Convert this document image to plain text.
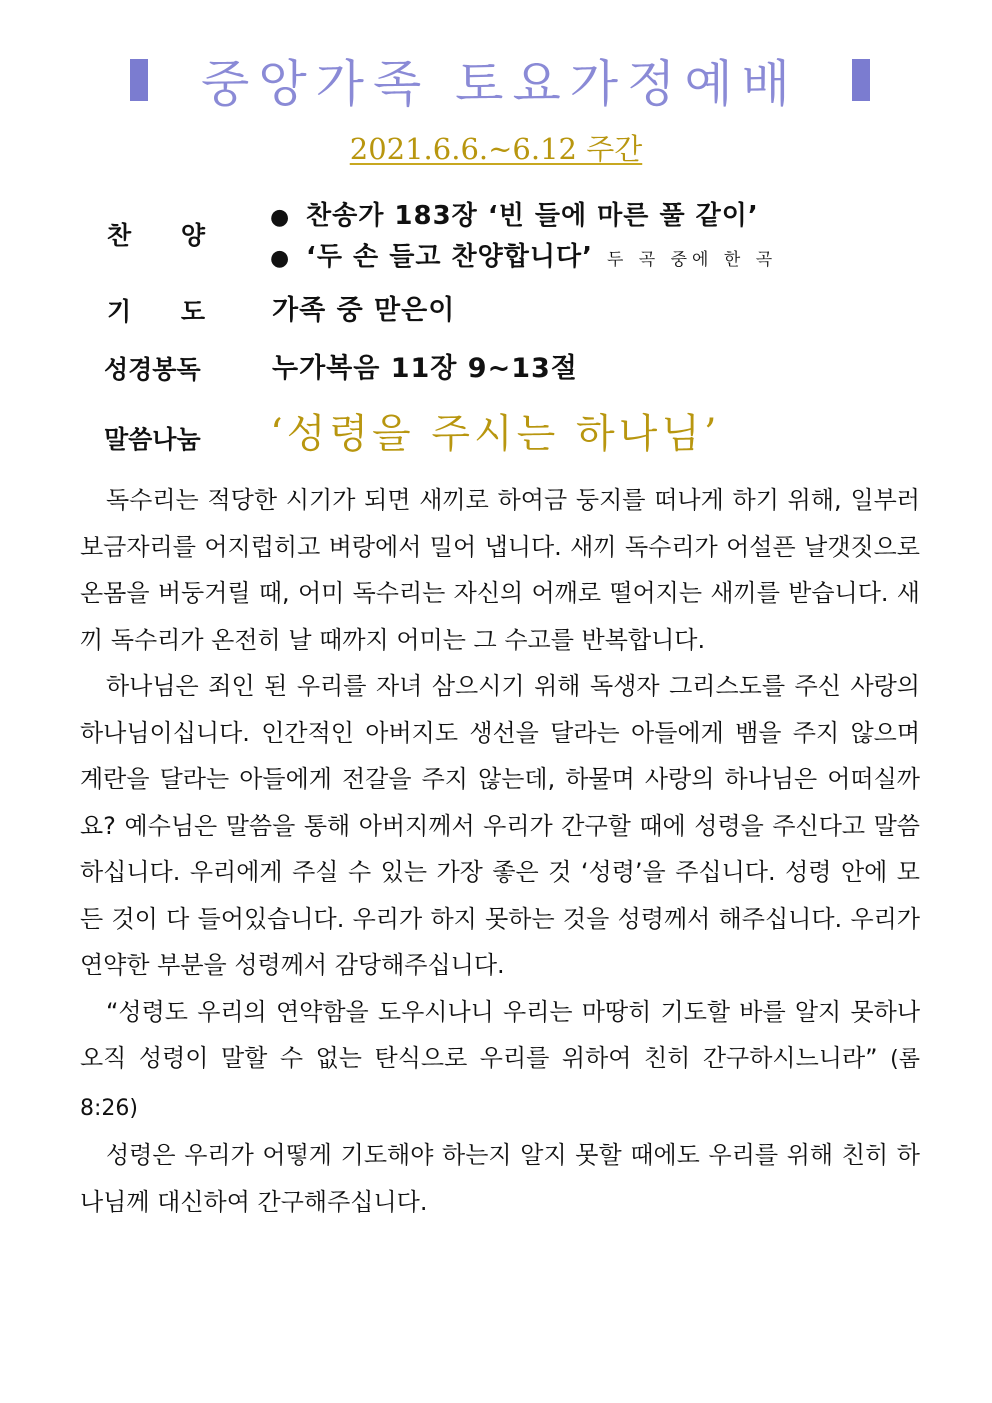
중앙가족 토요가정예배
2021.6.6.~6.12 주간
찬 양
● 찬송가 183장 ‘빈 들에 마른 풀 같이’
● ‘두 손 들고 찬양합니다’ 두 곡 중에 한 곡
기 도 가족 중 맏은이
성경봉독	누가복음 11장 9~13절
말씀나눔 ‘성령을 주시는 하나님’

독수리는 적당한 시기가 되면 새끼로 하여금 둥지를 떠나게 하기 위해, 일부러 보금자리를 어지럽히고 벼랑에서 밀어 냅니다. 새끼 독수리가 어설픈 날갯짓으로 온몸을 버둥거릴 때, 어미 독수리는 자신의 어깨로 떨어지는 새끼를 받습니다. 새끼 독수리가 온전히 날 때까지 어미는 그 수고를 반복합니다.

하나님은 죄인 된 우리를 자녀 삼으시기 위해 독생자 그리스도를 주신 사랑의 하나님이십니다. 인간적인 아버지도 생선을 달라는 아들에게 뱀을 주지 않으며 계란을 달라는 아들에게 전갈을 주지 않는데, 하물며 사랑의 하나님은 어떠실까요? 예수님은 말씀을 통해 아버지께서 우리가 간구할 때에 성령을 주신다고 말씀하십니다. 우리에게 주실 수 있는 가장 좋은 것 ‘성령’을 주십니다. 성령 안에 모든 것이 다 들어있습니다. 우리가 하지 못하는 것을 성령께서 해주십니다. 우리가 연약한 부분을 성령께서 감당해주십니다.

“성령도 우리의 연약함을 도우시나니 우리는 마땅히 기도할 바를 알지 못하나 오직 성령이 말할 수 없는 탄식으로 우리를 위하여 친히 간구하시느니라” (롬8:26)

성령은 우리가 어떻게 기도해야 하는지 알지 못할 때에도 우리를 위해 친히 하나님께 대신하여 간구해주십니다.
